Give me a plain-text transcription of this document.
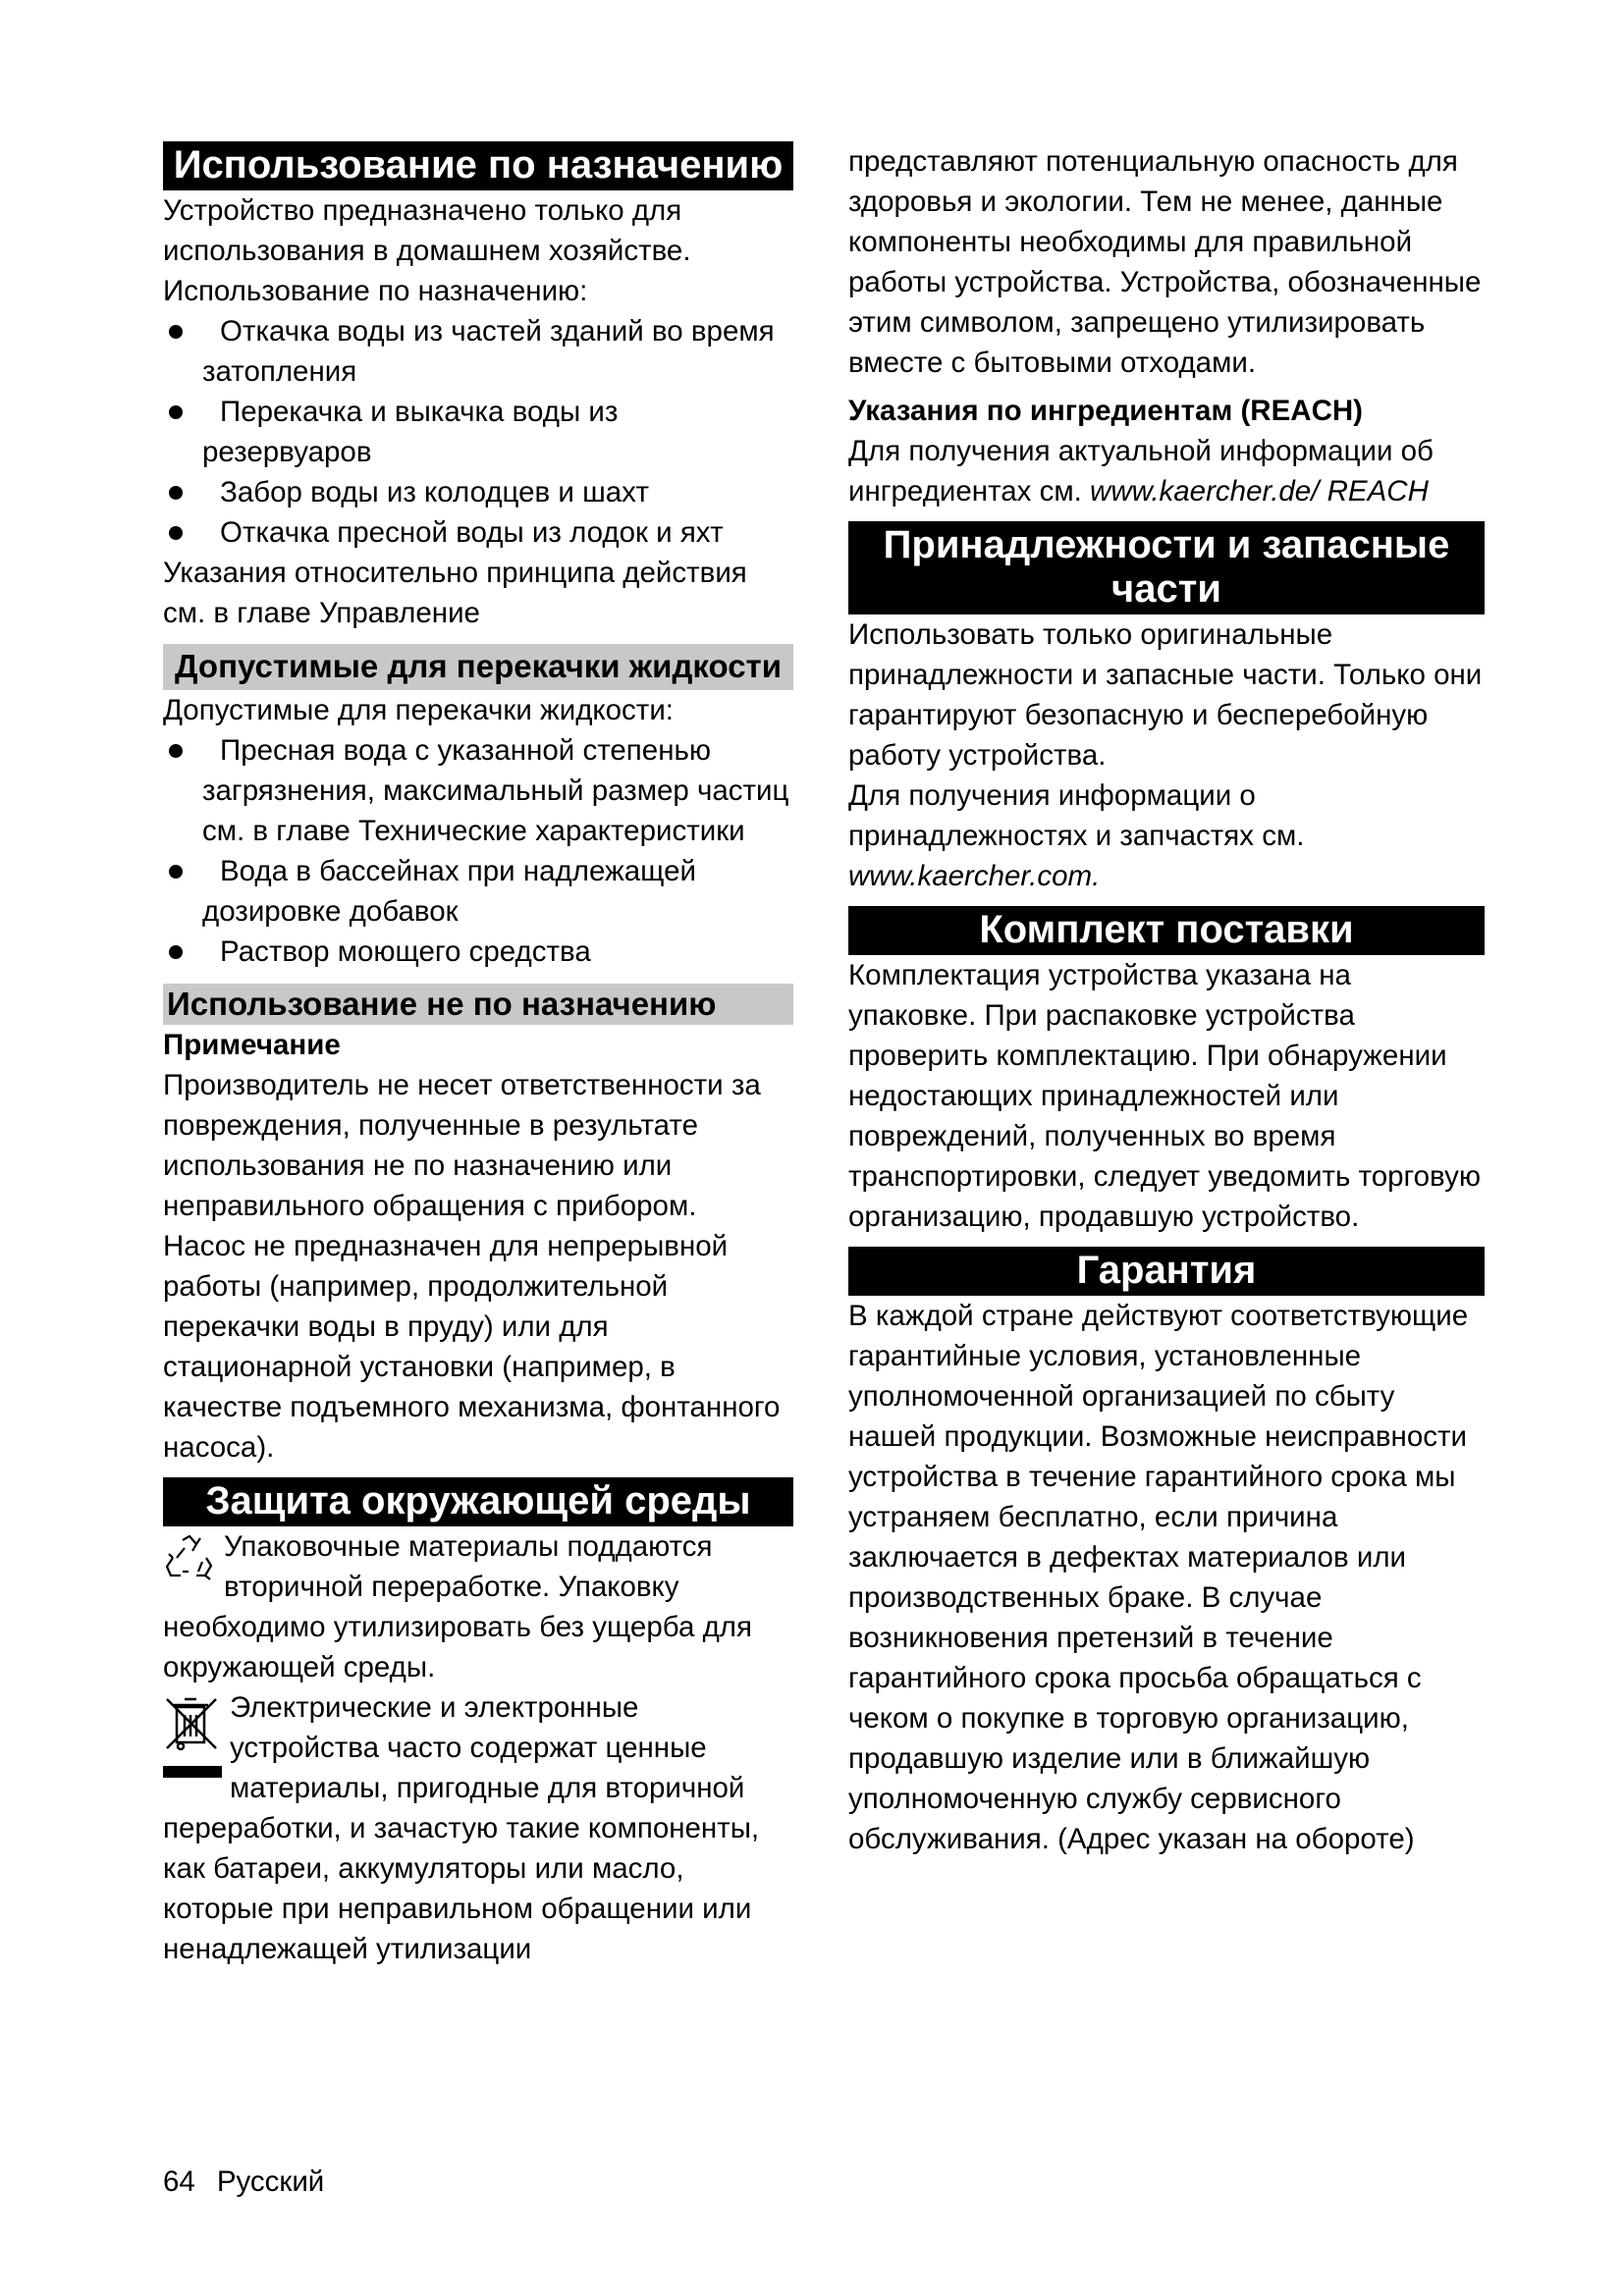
Использование по назначению

Устройство предназначено только для

использования в домашнем хозяйстве.

Использование по назначению:

Откачка воды из частей зданий во время затопления
Перекачка и выкачка воды из резервуаров
Забор воды из колодцев и шахт
Откачка пресной воды из лодок и яхт

Указания относительно принципа действия см. в главе Управление

Допустимые для перекачки жидкости

Допустимые для перекачки жидкости:

Пресная вода с указанной степенью загрязнения, максимальный размер частиц см. в главе Технические характеристики
Вода в бассейнах при надлежащей дозировке добавок
Раствор моющего средства
Использование не по назначению

Примечание

Производитель не несет ответственности за повреждения, полученные в результате использования не по назначению или неправильного обращения с прибором.

Насос не предназначен для непрерывной работы (например, продолжительной перекачки воды в пруду) или для стационарной установки (например, в качестве подъемного механизма, фонтанного насоса).

Защита окружающей среды

Упаковочные материалы поддаются вторичной переработке. Упаковку необходимо утилизировать без ущерба для окружающей среды.

Электрические и электронные устройства часто содержат ценные материалы, пригодные для вторичной переработки, и зачастую такие компоненты, как батареи, аккумуляторы или масло, которые при неправильном обращении или ненадлежащей утилизации

представляют потенциальную опасность для здоровья и экологии. Тем не менее, данные компоненты необходимы для правильной работы устройства. Устройства, обозначенные этим символом, запрещено утилизировать вместе с бытовыми отходами.

Указания по ингредиентам (REACH)

Для получения актуальной информации об ингредиентах см. www.kaercher.de/ REACH

Принадлежности и запасные части

Использовать только оригинальные принадлежности и запасные части. Только они гарантируют безопасную и бесперебойную работу устройства.

Для получения информации о принадлежностях и запчастях см.

www.kaercher.com.

Комплект поставки

Комплектация устройства указана на упаковке. При распаковке устройства проверить комплектацию. При обнаружении недостающих принадлежностей или повреждений, полученных во время транспортировки, следует уведомить торговую организацию, продавшую устройство.

Гарантия

В каждой стране действуют соответствующие гарантийные условия, установленные уполномоченной организацией по сбыту нашей продукции. Возможные неисправности устройства в течение гарантийного срока мы устраняем бесплатно, если причина заключается в дефектах материалов или производственных браке. В случае возникновения претензий в течение гарантийного срока просьба обращаться с чеком о покупке в торговую организацию, продавшую изделие или в ближайшую уполномоченную службу сервисного обслуживания. (Адрес указан на обороте)

64 Русский
